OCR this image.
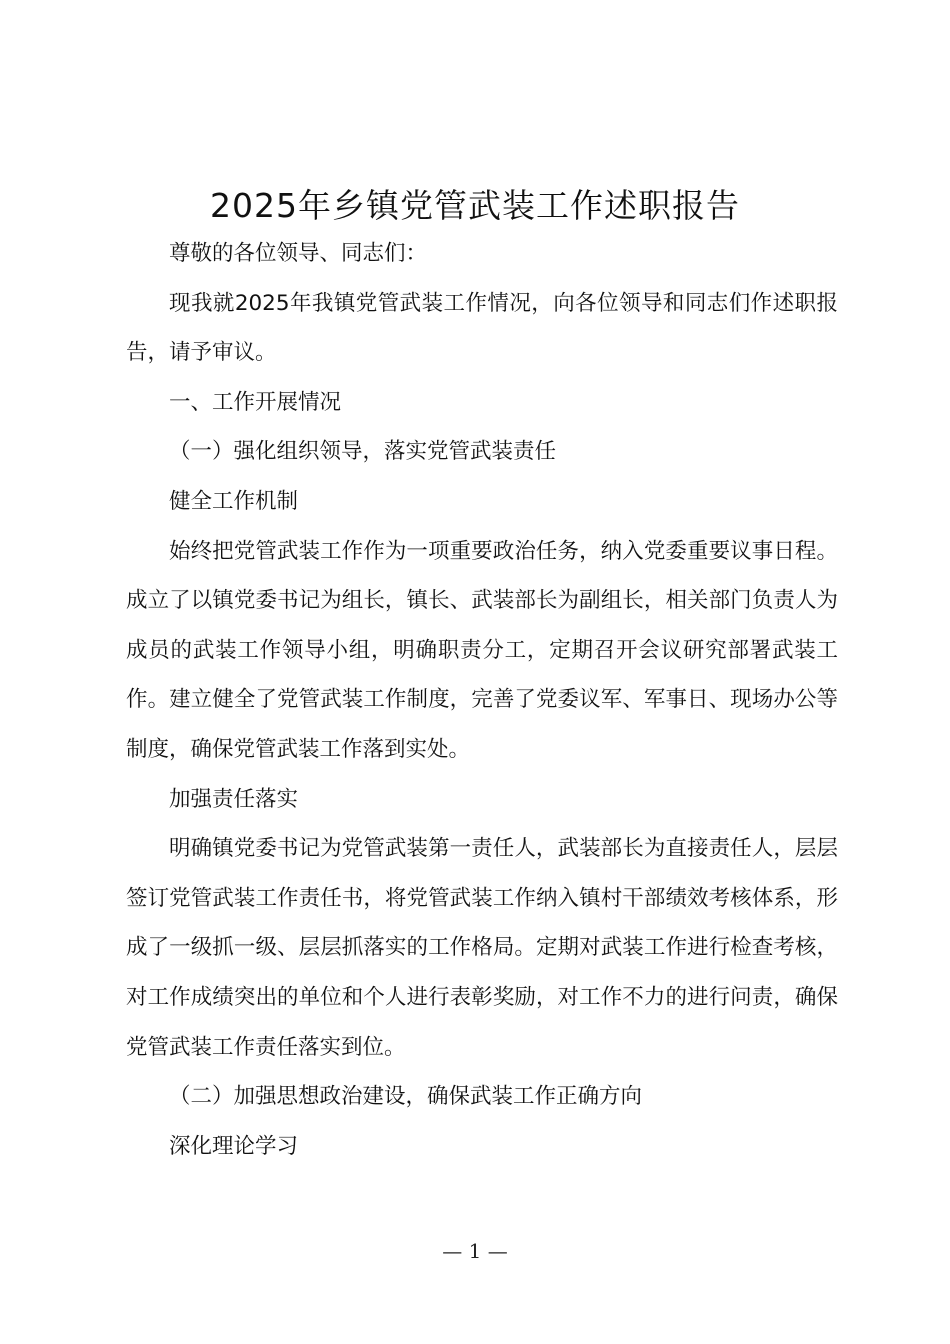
2025年乡镇党管武装工作述职报告

尊敬的各位领导、同志们：

现我就2025年我镇党管武装工作情况，向各位领导和同志们作述职报告，请予审议。

一、工作开展情况

（一）强化组织领导，落实党管武装责任

健全工作机制

始终把党管武装工作作为一项重要政治任务，纳入党委重要议事日程。成立了以镇党委书记为组长，镇长、武装部长为副组长，相关部门负责人为成员的武装工作领导小组，明确职责分工，定期召开会议研究部署武装工作。建立健全了党管武装工作制度，完善了党委议军、军事日、现场办公等制度，确保党管武装工作落到实处。

加强责任落实

明确镇党委书记为党管武装第一责任人，武装部长为直接责任人，层层签订党管武装工作责任书，将党管武装工作纳入镇村干部绩效考核体系，形成了一级抓一级、层层抓落实的工作格局。定期对武装工作进行检查考核，对工作成绩突出的单位和个人进行表彰奖励，对工作不力的进行问责，确保党管武装工作责任落实到位。

（二）加强思想政治建设，确保武装工作正确方向

深化理论学习

— 1 —
